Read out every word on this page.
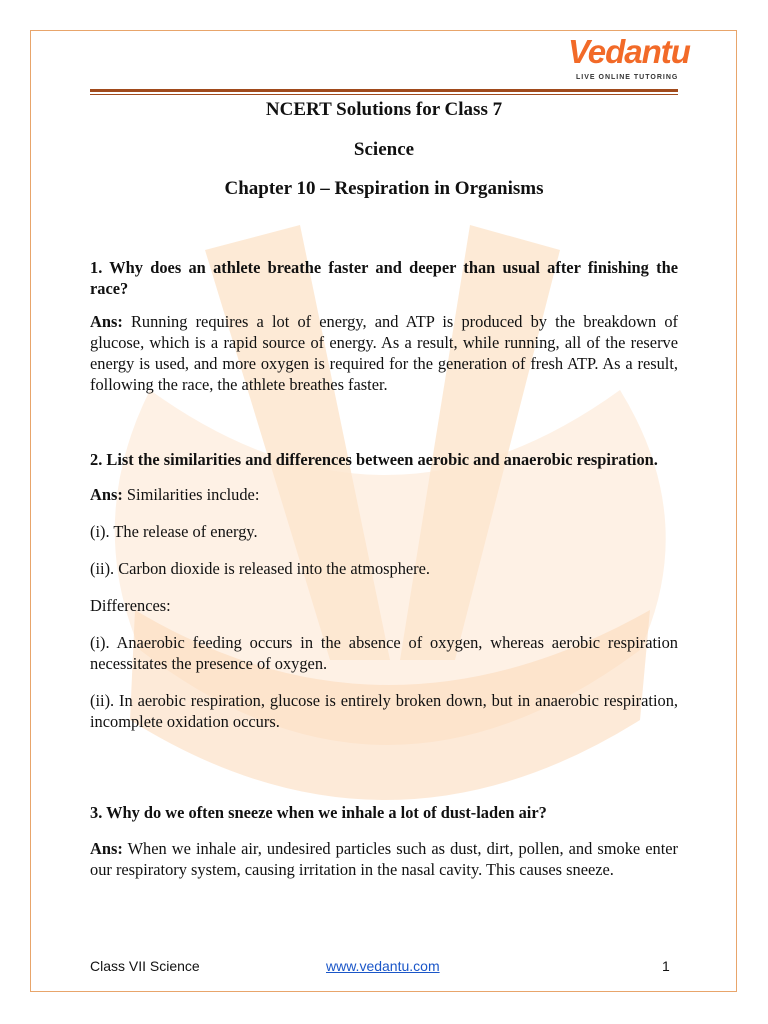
Vedantu
LIVE ONLINE TUTORING
NCERT Solutions for Class 7
Science
Chapter 10 – Respiration in Organisms

1. Why does an athlete breathe faster and deeper than usual after finishing the race?

Ans: Running requires a lot of energy, and ATP is produced by the breakdown of glucose, which is a rapid source of energy. As a result, while running, all of the reserve energy is used, and more oxygen is required for the generation of fresh ATP. As a result, following the race, the athlete breathes faster.

2. List the similarities and differences between aerobic and anaerobic respiration.

Ans: Similarities include:

(i). The release of energy.

(ii). Carbon dioxide is released into the atmosphere.

Differences:

(i). Anaerobic feeding occurs in the absence of oxygen, whereas aerobic respiration necessitates the presence of oxygen.

(ii). In aerobic respiration, glucose is entirely broken down, but in anaerobic respiration, incomplete oxidation occurs.

3. Why do we often sneeze when we inhale a lot of dust-laden air?

Ans: When we inhale air, undesired particles such as dust, dirt, pollen, and smoke enter our respiratory system, causing irritation in the nasal cavity. This causes sneeze.

Class VII Science	www.vedantu.com	1
